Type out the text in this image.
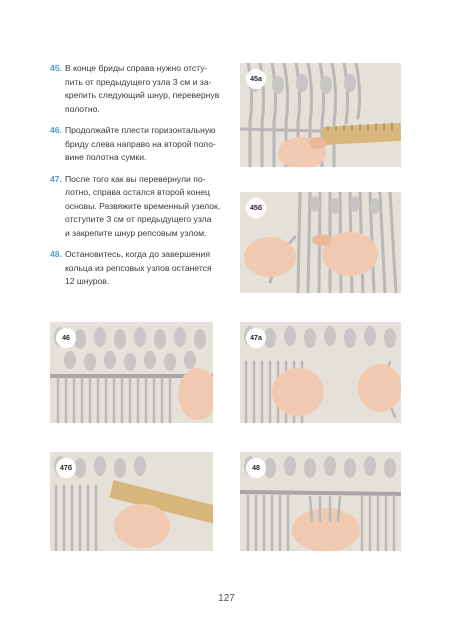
45. В конце бриды справа нужно отсту-
пить от предыдущего узла 3 см и за-
крепить следующий шнур, перевернув
полотно.
46. Продолжайте плести горизонтальную
бриду слева направо на второй поло-
вине полотна сумки.
47. После того как вы перевернули по-
лотно, справа остался второй конец
основы. Развяжите временный узелок,
отступите 3 см от предыдущего узла
и закрепите шнур репсовым узлом.
48. Остановитесь, когда до завершения
кольца из репсовых узлов останется
12 шнуров.
45а
45б
46	47а
47б	48
127
